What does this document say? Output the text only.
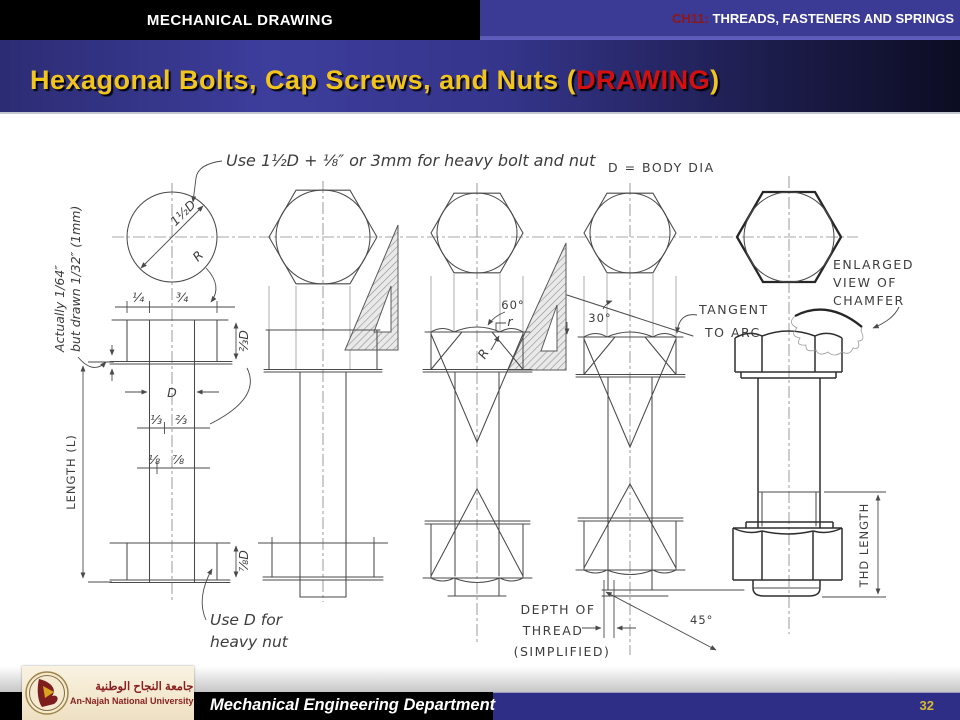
MECHANICAL DRAWING	CH11: THREADS, FASTENERS AND SPRINGS
Hexagonal Bolts, Cap Screws, and Nuts (DRAWING)
1½D
R
¼	¾
⅔D
D
⅓ ⅔
⅛ ⅞
⅞D
LENGTH (L)
Actually 1/64″ but drawn 1/32″ (1mm)
Use D for
heavy nut
Use 1½D + ⅛″ or 3mm for heavy bolt and nut D = BODY DIA
60°
r
R
30°
TANGENT
TO ARC
DEPTH OF
THREAD
(SIMPLIFIED)
45°
THD LENGTH
ENLARGED
VIEW OF
CHAMFER
Mechanical Engineering Department	32
جامعة النجاح الوطنية
An-Najah National University
